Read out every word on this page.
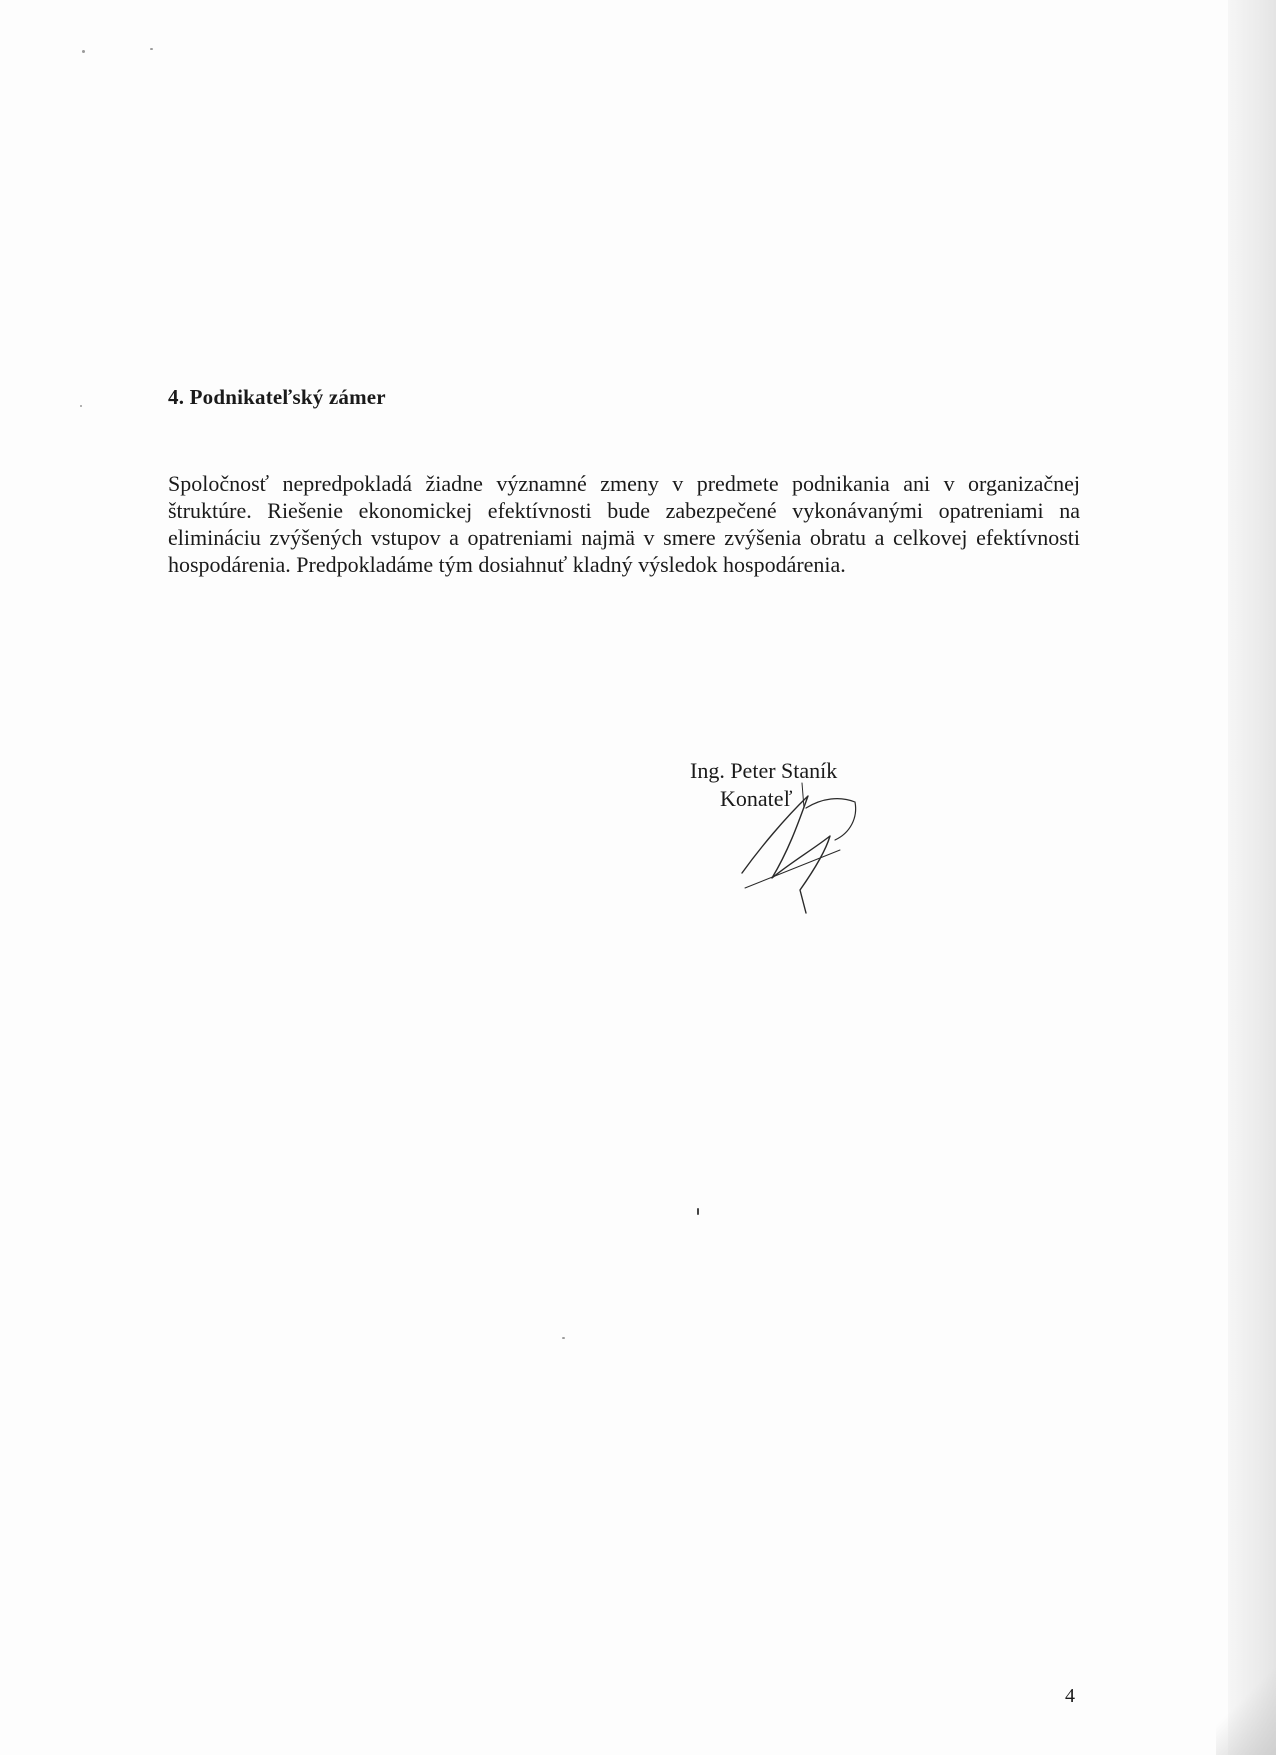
4. Podnikateľský zámer

Spoločnosť nepredpokladá žiadne významné zmeny v predmete podnikania ani v organizačnej štruktúre. Riešenie ekonomickej efektívnosti bude zabezpečené vykonávanými opatreniami na elimináciu zvýšených vstupov a opatreniami najmä v smere zvýšenia obratu a celkovej efektívnosti hospodárenia. Predpokladáme tým dosiahnuť kladný výsledok hospodárenia.

Ing. Peter Staník
Konateľ
4
